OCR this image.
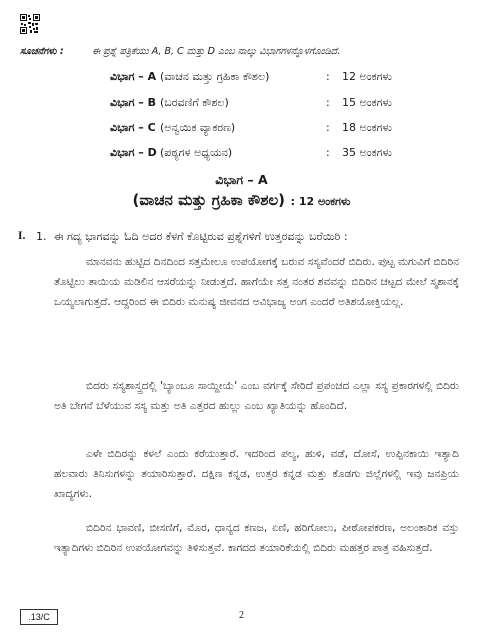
ಸೂಚನೆಗಳು :	ಈ ಪ್ರಶ್ನೆ ಪತ್ರಿಕೆಯು A, B, C ಮತ್ತು D ಎಂಬ ನಾಲ್ಕು ವಿಭಾಗಗಳನ್ನೊಳಗೊಂಡಿದೆ.
ವಿಭಾಗ – A (ವಾಚನ ಮತ್ತು ಗ್ರಹಿಕಾ ಕೌಶಲ)	: 12 ಅಂಕಗಳು
ವಿಭಾಗ – B (ಬರವಣಿಗೆ ಕೌಶಲ)	: 15 ಅಂಕಗಳು
ವಿಭಾಗ – C (ಅನ್ವಯಿಕ ವ್ಯಾಕರಣ)	: 18 ಅಂಕಗಳು
ವಿಭಾಗ – D (ಪಠ್ಯಗಳ ಅಧ್ಯಯನ)	: 35 ಅಂಕಗಳು
ವಿಭಾಗ – A
(ವಾಚನ ಮತ್ತು ಗ್ರಹಿಕಾ ಕೌಶಲ) : 12 ಅಂಕಗಳು
I. 1. ಈ ಗದ್ಯ ಭಾಗವನ್ನು ಓದಿ ಅದರ ಕೆಳಗೆ ಕೊಟ್ಟಿರುವ ಪ್ರಶ್ನೆಗಳಿಗೆ ಉತ್ತರವನ್ನು ಬರೆಯಿರಿ :

ಮಾನವನು ಹುಟ್ಟಿದ ದಿನದಿಂದ ಸತ್ತಮೇಲೂ ಉಪಯೋಗಕ್ಕೆ ಬರುವ ಸಸ್ಯವೆಂದರೆ ಬಿದಿರು. ಪುಟ್ಟ ಮಗುವಿಗೆ ಬಿದಿರಿನ ತೊಟ್ಟಿಲು ತಾಯಿಯ ಮಡಿಲಿನ ಆಸರೆಯನ್ನು ನೀಡುತ್ತದೆ. ಹಾಗೆಯೇ ಸತ್ತ ನಂತರ ಶವವನ್ನು ಬಿದಿರಿನ ಚಟ್ಟದ ಮೇಲೆ ಸ್ಮಶಾನಕ್ಕೆ ಒಯ್ಯಲಾಗುತ್ತದೆ. ಆದ್ದರಿಂದ ಈ ಬಿದಿರು ಮನುಷ್ಯ ಜೀವನದ ಅವಿಭಾಜ್ಯ ಅಂಗ ಎಂದರೆ ಅತಿಶಯೋಕ್ತಿಯಲ್ಲ.

ಬಿದರು ಸಸ್ಯಶಾಸ್ತ್ರದಲ್ಲಿ 'ಬ್ಯಾಂಬೂ ಸಾಯ್ದೀಯೆ' ಎಂಬ ವರ್ಗಕ್ಕೆ ಸೇರಿದೆ ಪ್ರಪಂಚದ ಎಲ್ಲಾ ಸಸ್ಯ ಪ್ರಕಾರಗಳಲ್ಲಿ ಬಿದಿರು ಅತಿ ಬೇಗನೆ ಬೆಳೆಯುವ ಸಸ್ಯ ಮತ್ತು ಅತಿ ಎತ್ತರದ ಹುಲ್ಲು ಎಂಬ ಖ್ಯಾತಿಯನ್ನು ಹೊಂದಿದೆ.

ಎಳೇ ಬಿದಿರನ್ನು ಕಳಲೆ ಎಂದು ಕರೆಯುತ್ತಾರೆ. ಇದರಿಂದ ಪಲ್ಯ, ಹುಳಿ, ವಡೆ, ದೋಸೆ, ಉಪ್ಪಿನಕಾಯಿ ಇತ್ಯಾದಿ ಹಲವಾರು ತಿನಿಸುಗಳನ್ನು ತಯಾರಿಸುತ್ತಾರೆ. ದಕ್ಷಿಣ ಕನ್ನಡ, ಉತ್ತರ ಕನ್ನಡ ಮತ್ತು ಕೊಡಗು ಜಿಲ್ಲೆಗಳಲ್ಲಿ ಇವು ಜನಪ್ರಿಯ ಖಾದ್ಯಗಳು.

ಬಿದಿರಿನ ಭಾವಣಿ, ಬೀಸಣಿಗೆ, ಮೊರ, ಧಾನ್ಯದ ಕಣಜ, ಏಣಿ, ಹರಿಗೋಲು, ಪೀಠೋಪಕರಣ, ಅಲಂಕಾರಿಕ ವಸ್ತು ಇತ್ಯಾದಿಗಳು ಬಿದಿರಿನ ಉಪಯೋಗವನ್ನು ತಿಳಿಸುತ್ತವೆ. ಕಾಗದದ ತಯಾರಿಕೆಯಲ್ಲಿ ಬಿದಿರು ಮಹತ್ತರ ಪಾತ್ರ ವಹಿಸುತ್ತದೆ.

.13/C	2
